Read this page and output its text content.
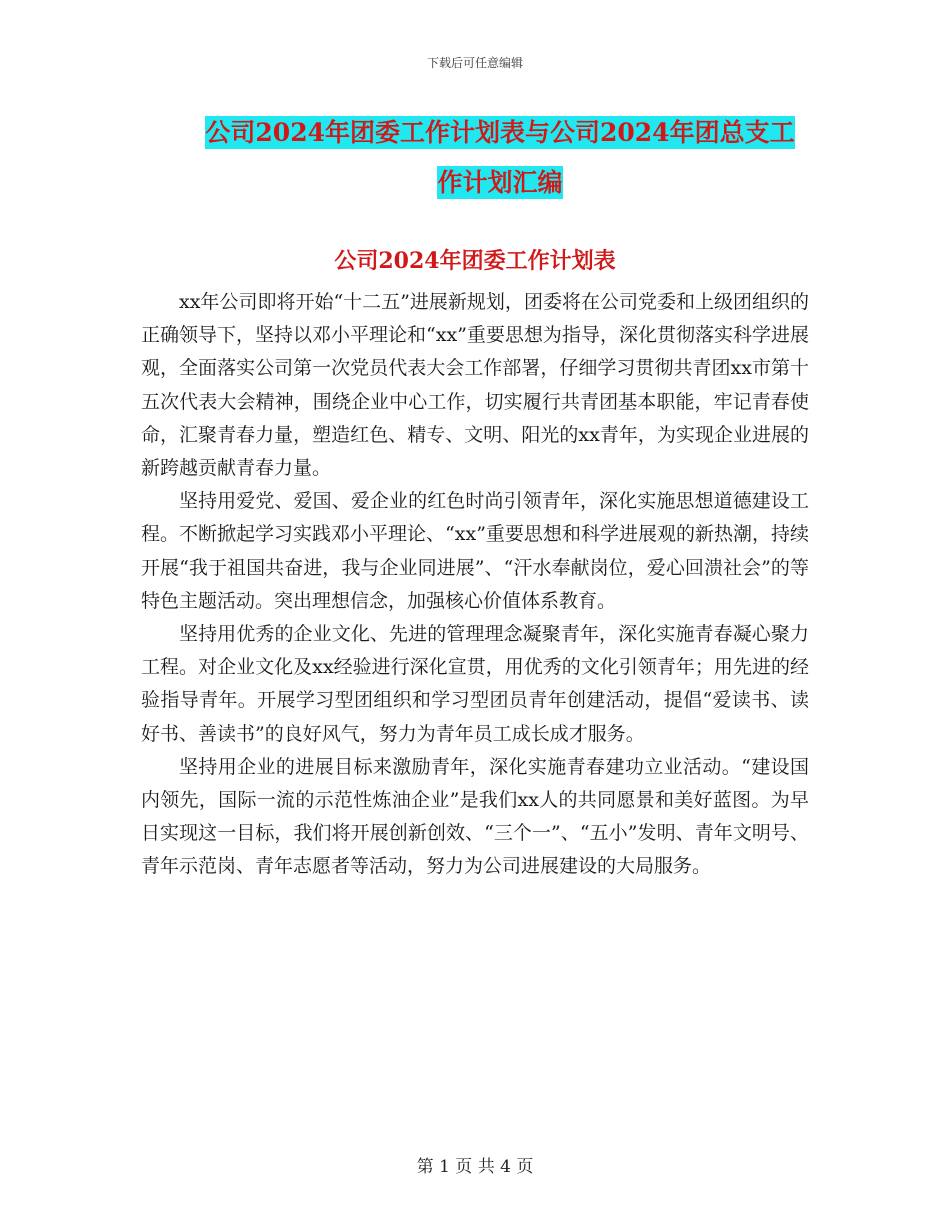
下载后可任意编辑
公司2024年团委工作计划表与公司2024年团总支工
作计划汇编
公司2024年团委工作计划表

xx年公司即将开始“十二五”进展新规划，团委将在公司党委和上级团组织的正确领导下，坚持以邓小平理论和“xx”重要思想为指导，深化贯彻落实科学进展观，全面落实公司第一次党员代表大会工作部署，仔细学习贯彻共青团xx市第十五次代表大会精神，围绕企业中心工作，切实履行共青团基本职能，牢记青春使命，汇聚青春力量，塑造红色、精专、文明、阳光的xx青年，为实现企业进展的新跨越贡献青春力量。

坚持用爱党、爱国、爱企业的红色时尚引领青年，深化实施思想道德建设工程。不断掀起学习实践邓小平理论、“xx”重要思想和科学进展观的新热潮，持续开展“我于祖国共奋进，我与企业同进展”、“汗水奉献岗位，爱心回溃社会”的等特色主题活动。突出理想信念，加强核心价值体系教育。

坚持用优秀的企业文化、先进的管理理念凝聚青年，深化实施青春凝心聚力工程。对企业文化及xx经验进行深化宣贯，用优秀的文化引领青年；用先进的经验指导青年。开展学习型团组织和学习型团员青年创建活动，提倡“爱读书、读好书、善读书”的良好风气，努力为青年员工成长成才服务。

坚持用企业的进展目标来激励青年，深化实施青春建功立业活动。“建设国内领先，国际一流的示范性炼油企业”是我们xx人的共同愿景和美好蓝图。为早日实现这一目标，我们将开展创新创效、“三个一”、“五小”发明、青年文明号、青年示范岗、青年志愿者等活动，努力为公司进展建设的大局服务。

第 1 页 共 4 页
